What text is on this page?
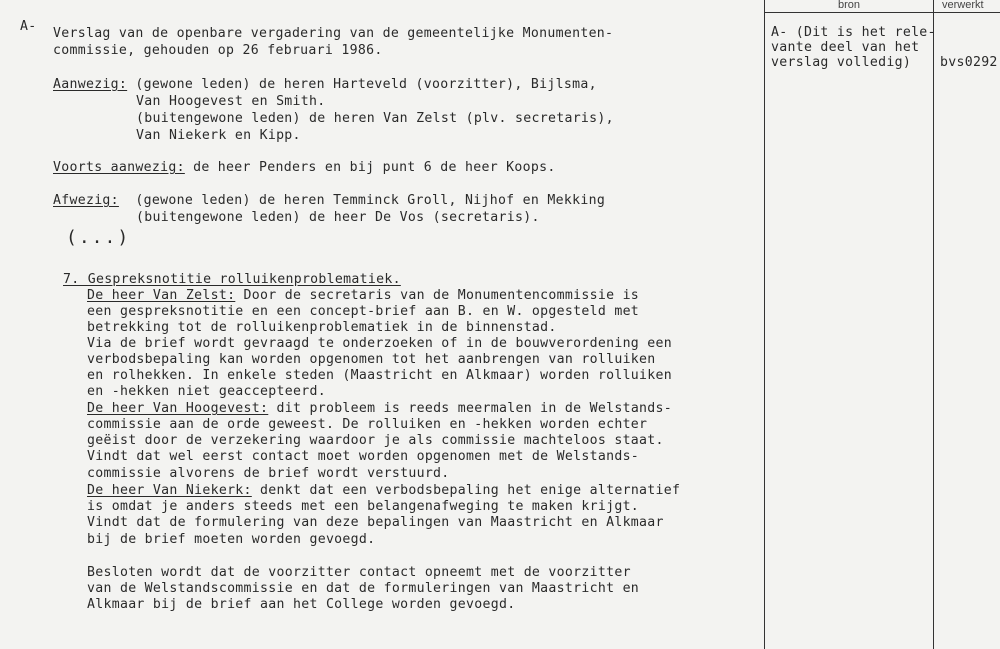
bron	verwerkt
A- (Dit is het rele-
vante deel van het
verslag volledig) bvs0292
A- Verslag van de openbare vergadering van de gemeentelijke Monumenten-
commissie, gehouden op 26 februari 1986.
Aanwezig: (gewone leden) de heren Harteveld (voorzitter), Bijlsma,
Van Hoogevest en Smith.
(buitengewone leden) de heren Van Zelst (plv. secretaris),
Van Niekerk en Kipp.
Voorts aanwezig: de heer Penders en bij punt 6 de heer Koops.
Afwezig:  (gewone leden) de heren Temminck Groll, Nijhof en Mekking
(buitengewone leden) de heer De Vos (secretaris).
(...)
7. Gespreksnotitie rolluikenproblematiek.
De heer Van Zelst: Door de secretaris van de Monumentencommissie is
een gespreksnotitie en een concept-brief aan B. en W. opgesteld met
betrekking tot de rolluikenproblematiek in de binnenstad.
Via de brief wordt gevraagd te onderzoeken of in de bouwverordening een
verbodsbepaling kan worden opgenomen tot het aanbrengen van rolluiken
en rolhekken. In enkele steden (Maastricht en Alkmaar) worden rolluiken
en -hekken niet geaccepteerd.
De heer Van Hoogevest: dit probleem is reeds meermalen in de Welstands-
commissie aan de orde geweest. De rolluiken en -hekken worden echter
geëist door de verzekering waardoor je als commissie machteloos staat.
Vindt dat wel eerst contact moet worden opgenomen met de Welstands-
commissie alvorens de brief wordt verstuurd.
De heer Van Niekerk: denkt dat een verbodsbepaling het enige alternatief
is omdat je anders steeds met een belangenafweging te maken krijgt.
Vindt dat de formulering van deze bepalingen van Maastricht en Alkmaar
bij de brief moeten worden gevoegd.
Besloten wordt dat de voorzitter contact opneemt met de voorzitter
van de Welstandscommissie en dat de formuleringen van Maastricht en
Alkmaar bij de brief aan het College worden gevoegd.
